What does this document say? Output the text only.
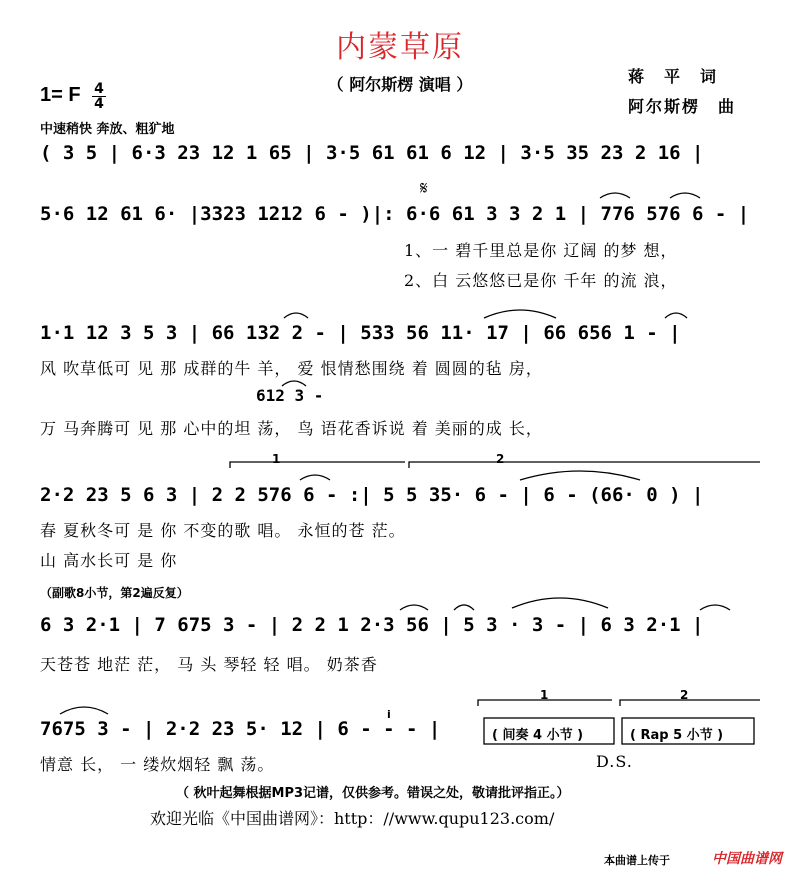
内蒙草原
（ 阿尔斯楞 演唱 ）	蒋　平　词
阿尔斯楞　曲
1= F $\frac{4}{4}$
中速稍快 奔放、粗犷地
( 3 5 | 6·3 23 12 1 65 | 3·5 61 61 6 12 | 3·5 35 23 2 16 |
𝄋
5·6 12 61 6· |3323 1212 6 - )|: 6·6 61 3 3 2 1 | 776 576 6 - |
1、一 碧千里总是你 辽阔 的梦 想，
2、白 云悠悠已是你 千年 的流 浪，
1·1 12 3 5 3 | 66 132 2 - | 533 56 11· 17 | 66 656 1 - |
风 吹草低可 见 那 成群的牛 羊， 爱 恨情愁围绕 着 圆圆的毡 房，
612 3 -
万 马奔腾可 见 那 心中的坦 荡， 鸟 语花香诉说 着 美丽的成 长，
1	2
2·2 23 5 6 3 | 2 2 576 6 - :| 5 5 35· 6 - | 6 - (66· 0 ) |
春 夏秋冬可 是 你 不变的歌 唱。 永恒的苍 茫。
山 高水长可 是 你
（副歌8小节，第2遍反复）
6 3 2·1 | 7 675 3 - | 2 2 1 2·3 56 | 5 3 · 3 - | 6 3 2·1 |
天苍苍 地茫 茫， 马 头 琴轻 轻 唱。 奶茶香
1	2
7675 3 - | 2·2 23 5· 12 | 6 - - - |
i
( 间奏 4 小节 )	( Rap 5 小节 )
情意 长， 一 缕炊烟轻 飘 荡。	D.S.
（ 秋叶起舞根据MP3记谱，仅供参考。错误之处，敬请批评指正。）
欢迎光临《中国曲谱网》：http：//www.qupu123.com/
本曲谱上传于	中国曲谱网
